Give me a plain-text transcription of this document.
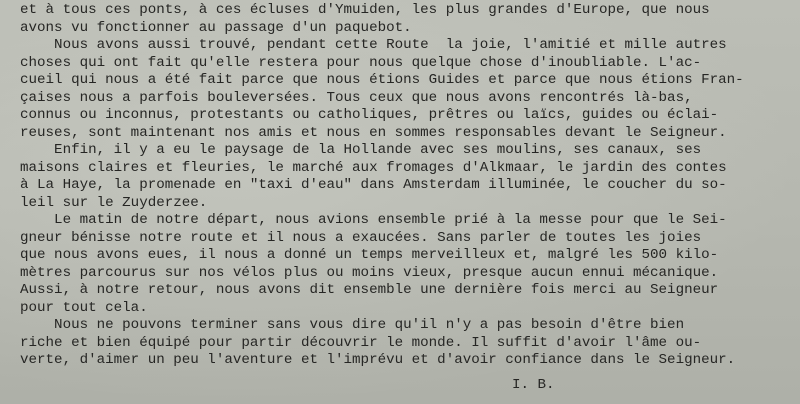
et à tous ces ponts, à ces écluses d'Ymuiden, les plus grandes d'Europe, que nous
avons vu fonctionner au passage d'un paquebot.
Nous avons aussi trouvé, pendant cette Route  la joie, l'amitié et mille autres
choses qui ont fait qu'elle restera pour nous quelque chose d'inoubliable. L'ac-
cueil qui nous a été fait parce que nous étions Guides et parce que nous étions Fran-
çaises nous a parfois bouleversées. Tous ceux que nous avons rencontrés là-bas,
connus ou inconnus, protestants ou catholiques, prêtres ou laïcs, guides ou éclai-
reuses, sont maintenant nos amis et nous en sommes responsables devant le Seigneur.
Enfin, il y a eu le paysage de la Hollande avec ses moulins, ses canaux, ses
maisons claires et fleuries, le marché aux fromages d'Alkmaar, le jardin des contes
à La Haye, la promenade en "taxi d'eau" dans Amsterdam illuminée, le coucher du so-
leil sur le Zuyderzee.
Le matin de notre départ, nous avions ensemble prié à la messe pour que le Sei-
gneur bénisse notre route et il nous a exaucées. Sans parler de toutes les joies
que nous avons eues, il nous a donné un temps merveilleux et, malgré les 500 kilo-
mètres parcourus sur nos vélos plus ou moins vieux, presque aucun ennui mécanique.
Aussi, à notre retour, nous avons dit ensemble une dernière fois merci au Seigneur
pour tout cela.
Nous ne pouvons terminer sans vous dire qu'il n'y a pas besoin d'être bien
riche et bien équipé pour partir découvrir le monde. Il suffit d'avoir l'âme ou-
verte, d'aimer un peu l'aventure et l'imprévu et d'avoir confiance dans le Seigneur.
I. B.
